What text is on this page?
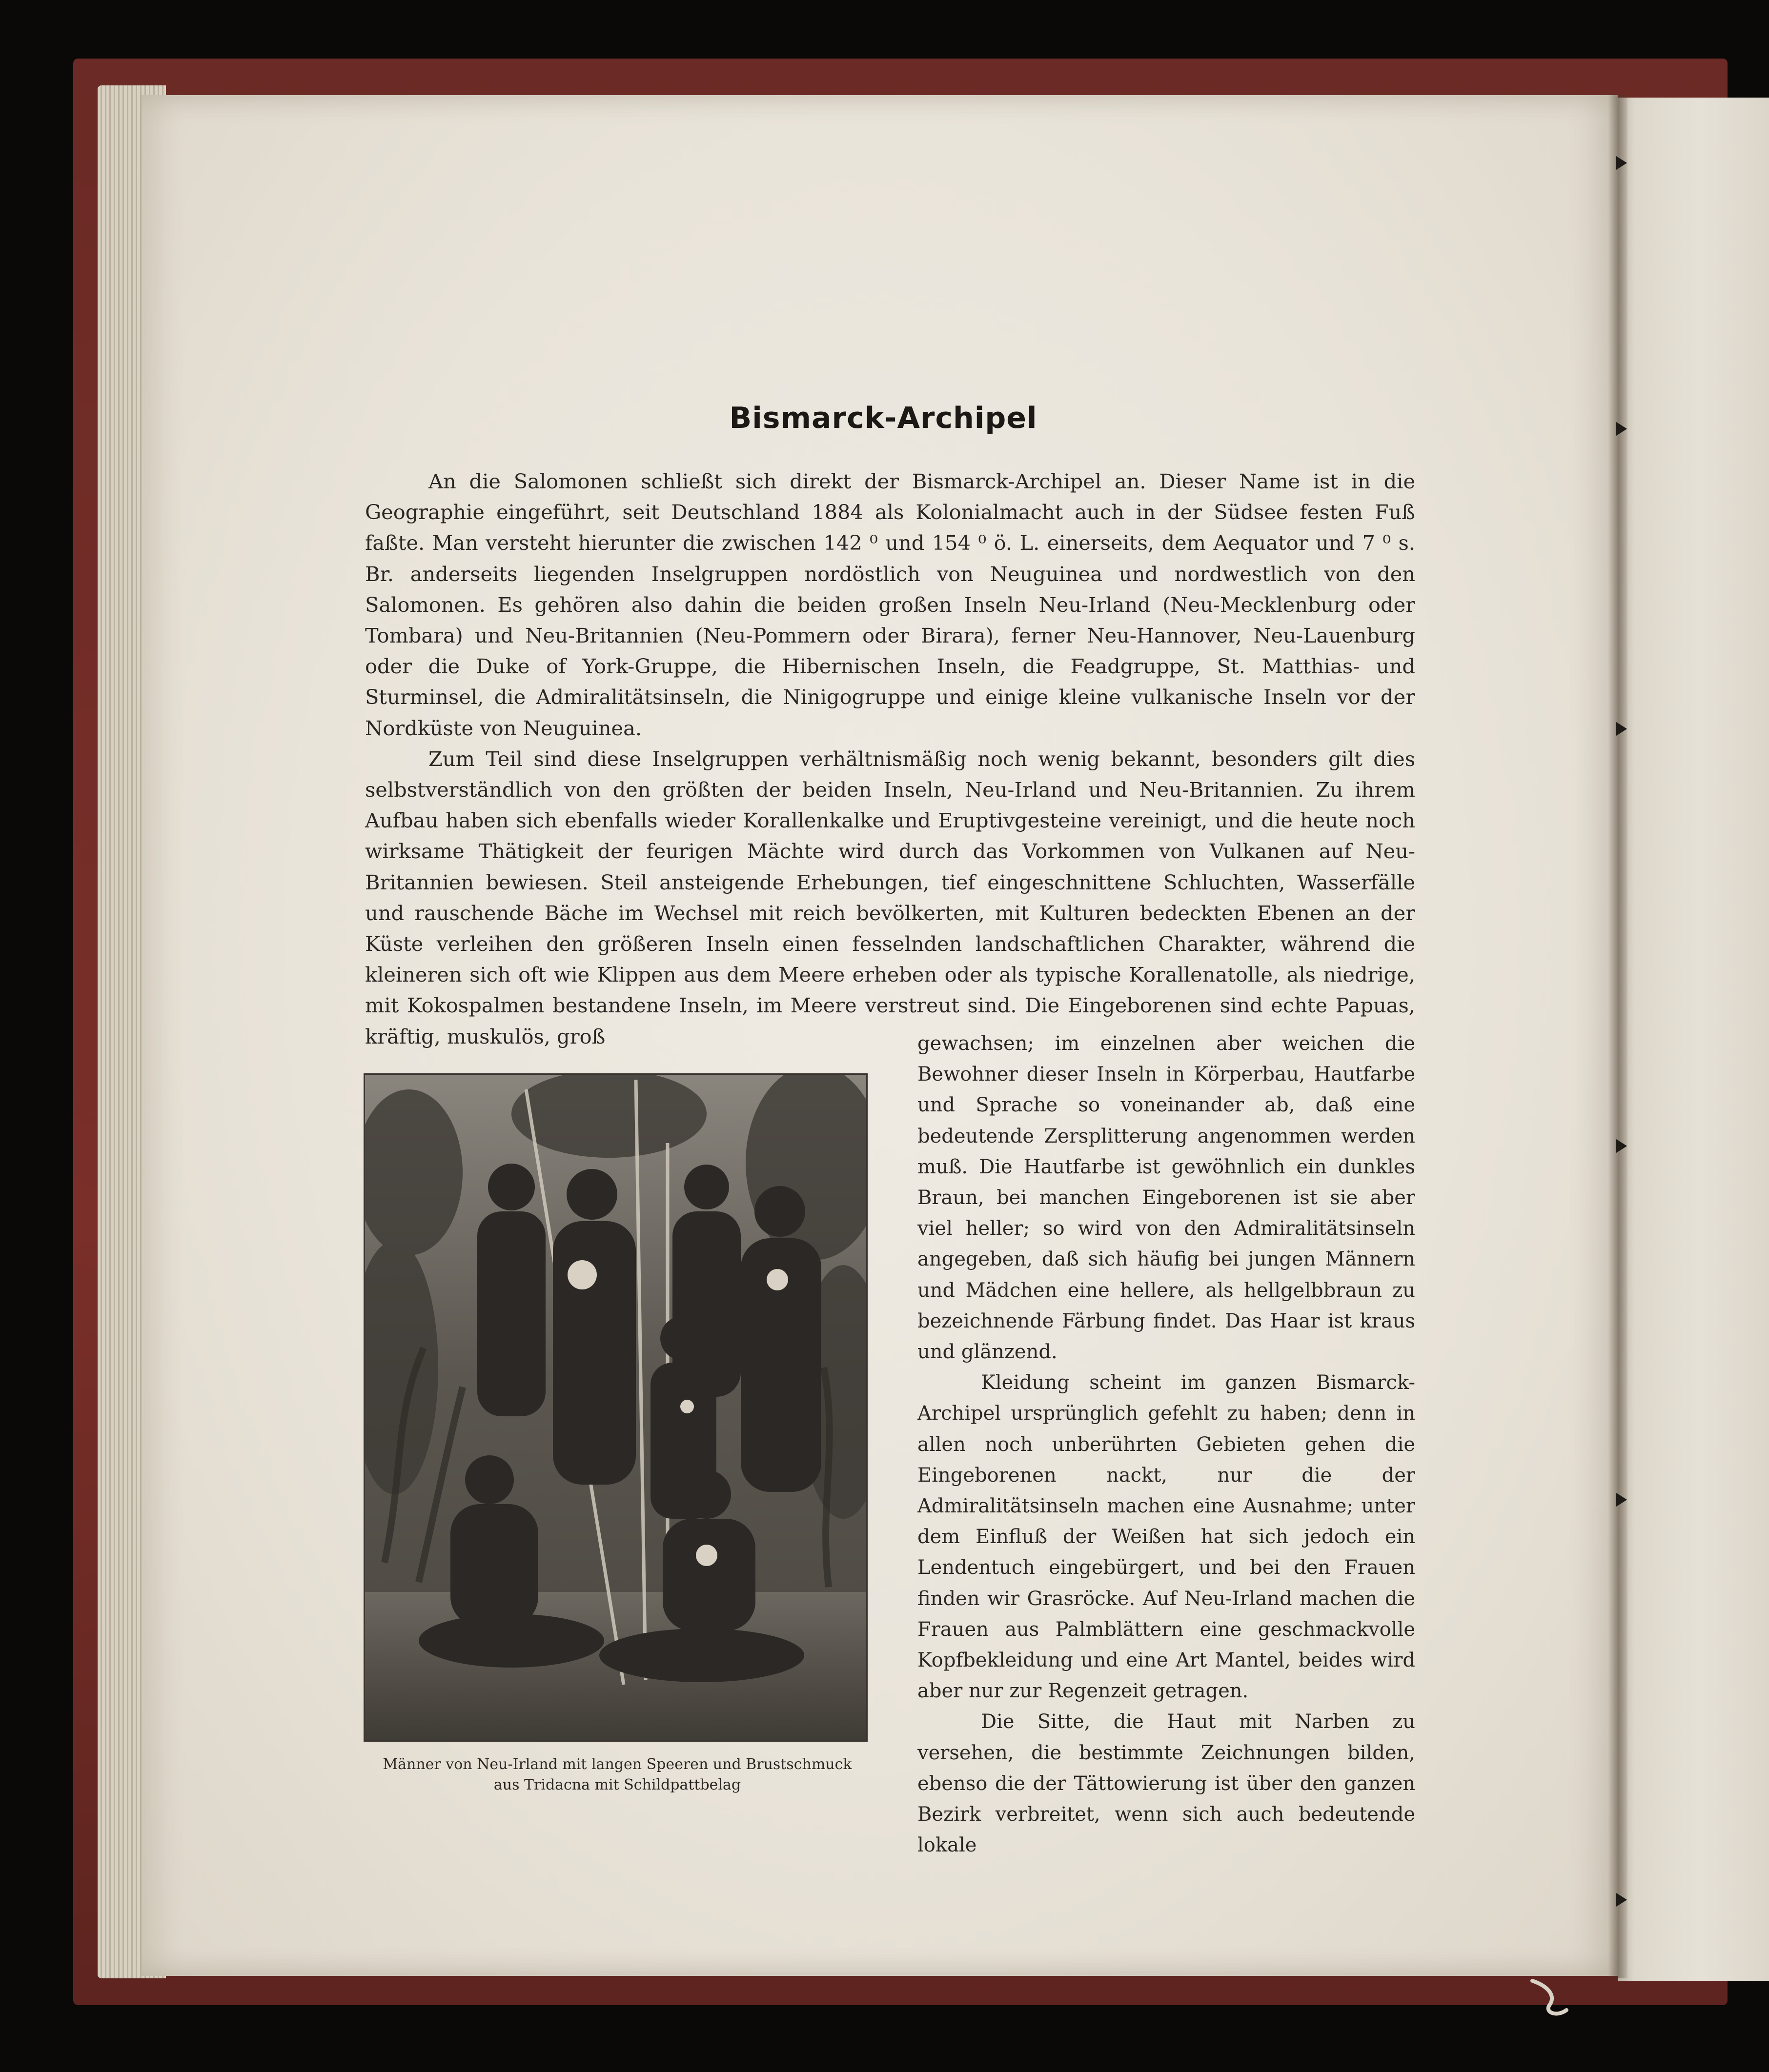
Bismarck-Archipel

An die Salomonen schließt sich direkt der Bismarck-Archipel an. Dieser Name ist in die Geographie eingeführt, seit Deutschland 1884 als Kolonialmacht auch in der Südsee festen Fuß faßte. Man versteht hierunter die zwischen 142 ⁰ und 154 ⁰ ö. L. einerseits, dem Aequator und 7 ⁰ s. Br. anderseits liegenden Inselgruppen nordöstlich von Neuguinea und nordwestlich von den Salomonen. Es gehören also dahin die beiden großen Inseln Neu-Irland (Neu-Mecklenburg oder Tombara) und Neu-Britannien (Neu-Pommern oder Birara), ferner Neu-Hannover, Neu-Lauenburg oder die Duke of York-Gruppe, die Hibernischen Inseln, die Feadgruppe, St. Matthias- und Sturminsel, die Admiralitätsinseln, die Ninigogruppe und einige kleine vulkanische Inseln vor der Nordküste von Neuguinea.

Zum Teil sind diese Inselgruppen verhältnismäßig noch wenig bekannt, besonders gilt dies selbstverständlich von den größten der beiden Inseln, Neu-Irland und Neu-Britannien. Zu ihrem Aufbau haben sich ebenfalls wieder Korallenkalke und Eruptivgesteine vereinigt, und die heute noch wirksame Thätigkeit der feurigen Mächte wird durch das Vorkommen von Vulkanen auf Neu-Britannien bewiesen. Steil ansteigende Erhebungen, tief eingeschnittene Schluchten, Wasserfälle und rauschende Bäche im Wechsel mit reich bevölkerten, mit Kulturen bedeckten Ebenen an der Küste verleihen den größeren Inseln einen fesselnden landschaftlichen Charakter, während die kleineren sich oft wie Klippen aus dem Meere erheben oder als typische Korallenatolle, als niedrige, mit Kokospalmen bestandene Inseln, im Meere verstreut sind. Die Eingeborenen sind echte Papuas, kräftig, muskulös, groß

Männer von Neu-Irland mit langen Speeren und Brustschmuck
aus Tridacna mit Schildpattbelag

gewachsen; im einzelnen aber weichen die Bewohner dieser Inseln in Körperbau, Hautfarbe und Sprache so voneinander ab, daß eine bedeutende Zersplitterung angenommen werden muß. Die Hautfarbe ist gewöhnlich ein dunkles Braun, bei manchen Eingeborenen ist sie aber viel heller; so wird von den Admiralitätsinseln angegeben, daß sich häufig bei jungen Männern und Mädchen eine hellere, als hellgelbbraun zu bezeichnende Färbung findet. Das Haar ist kraus und glänzend.

Kleidung scheint im ganzen Bismarck-Archipel ursprünglich gefehlt zu haben; denn in allen noch unberührten Gebieten gehen die Eingeborenen nackt, nur die der Admiralitätsinseln machen eine Ausnahme; unter dem Einfluß der Weißen hat sich jedoch ein Lendentuch eingebürgert, und bei den Frauen finden wir Grasröcke. Auf Neu-Irland machen die Frauen aus Palmblättern eine geschmackvolle Kopfbekleidung und eine Art Mantel, beides wird aber nur zur Regenzeit getragen.

Die Sitte, die Haut mit Narben zu versehen, die bestimmte Zeichnungen bilden, ebenso die der Tättowierung ist über den ganzen Bezirk verbreitet, wenn sich auch bedeutende lokale
